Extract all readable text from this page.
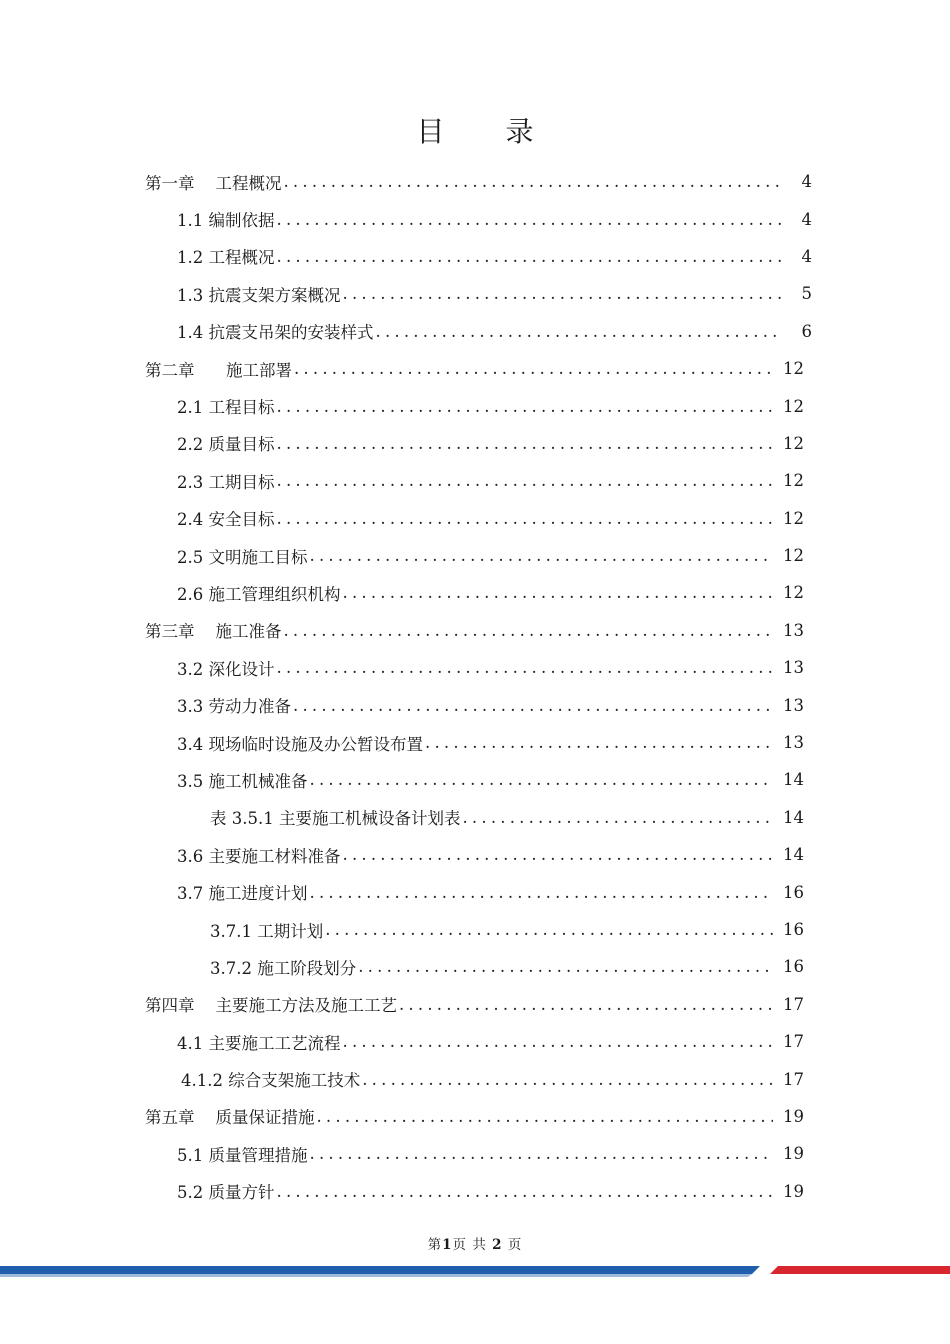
目 录
第一章    工程概况 .....	4
1.1 编制依据 .....	4
1.2 工程概况 .....	4
1.3 抗震支架方案概况 .....	5
1.4 抗震支吊架的安装样式 .....	6
第二章      施工部署 .....	12
2.1 工程目标 .....	12
2.2 质量目标 .....	12
2.3 工期目标 .....	12
2.4 安全目标 .....	12
2.5 文明施工目标 .....	12
2.6 施工管理组织机构 .....	12
第三章    施工准备 .....	13
3.2 深化设计 .....	13
3.3 劳动力准备 .....	13
3.4 现场临时设施及办公暂设布置 .....	13
3.5 施工机械准备 .....	14
表 3.5.1 主要施工机械设备计划表 .....	14
3.6 主要施工材料准备 .....	14
3.7 施工进度计划 .....	16
3.7.1 工期计划 .....	16
3.7.2 施工阶段划分 .....	16
第四章    主要施工方法及施工工艺 .....	17
4.1 主要施工工艺流程 .....	17
4.1.2 综合支架施工技术 .....	17
第五章    质量保证措施 .....	19
5.1 质量管理措施 .....	19
5.2 质量方针 .....	19
第1页 共 2 页
